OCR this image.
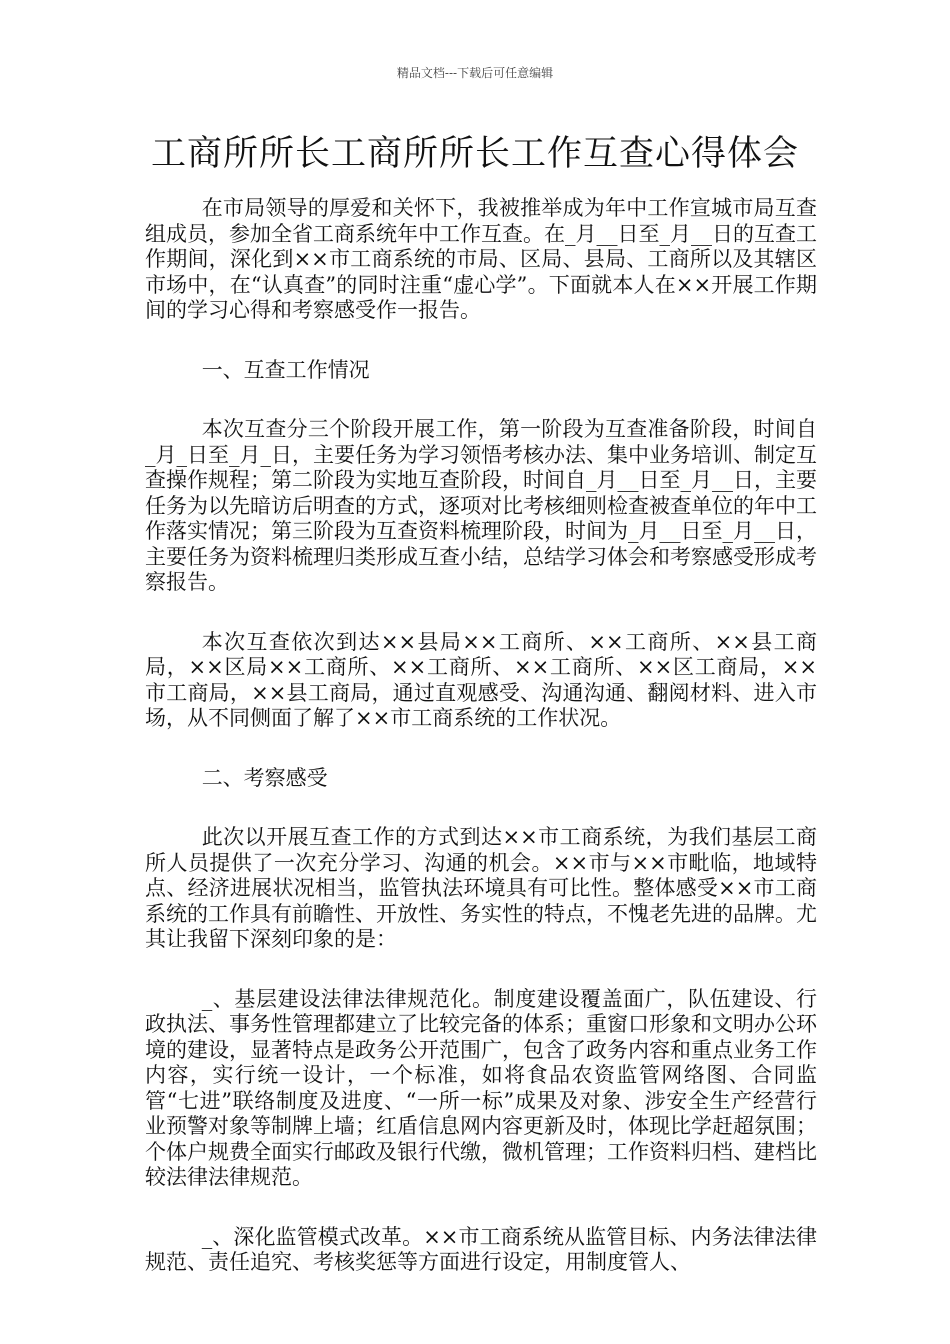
精品文档---下载后可任意编辑
工商所所长工商所所长工作互查心得体会

在市局领导的厚爱和关怀下，我被推举成为年中工作宣城市局互查组成员，参加全省工商系统年中工作互查。在_月__日至_月__日的互查工作期间，深化到××市工商系统的市局、区局、县局、工商所以及其辖区市场中，在“认真查”的同时注重“虚心学”。下面就本人在××开展工作期间的学习心得和考察感受作一报告。

一、互查工作情况

本次互查分三个阶段开展工作，第一阶段为互查准备阶段，时间自_月_日至_月_日，主要任务为学习领悟考核办法、集中业务培训、制定互查操作规程；第二阶段为实地互查阶段，时间自_月__日至_月__日，主要任务为以先暗访后明查的方式，逐项对比考核细则检查被查单位的年中工作落实情况；第三阶段为互查资料梳理阶段，时间为_月__日至_月__日，主要任务为资料梳理归类形成互查小结，总结学习体会和考察感受形成考察报告。

本次互查依次到达××县局××工商所、××工商所、××县工商局，××区局××工商所、××工商所、××工商所、××区工商局，××市工商局，××县工商局，通过直观感受、沟通沟通、翻阅材料、进入市场，从不同侧面了解了××市工商系统的工作状况。

二、考察感受

此次以开展互查工作的方式到达××市工商系统，为我们基层工商所人员提供了一次充分学习、沟通的机会。××市与××市毗临，地域特点、经济进展状况相当，监管执法环境具有可比性。整体感受××市工商系统的工作具有前瞻性、开放性、务实性的特点，不愧老先进的品牌。尤其让我留下深刻印象的是：

_、基层建设法律法律规范化。制度建设覆盖面广，队伍建设、行政执法、事务性管理都建立了比较完备的体系；重窗口形象和文明办公环境的建设，显著特点是政务公开范围广，包含了政务内容和重点业务工作内容，实行统一设计，一个标准，如将食品农资监管网络图、合同监管“七进”联络制度及进度、“一所一标”成果及对象、涉安全生产经营行业预警对象等制牌上墙；红盾信息网内容更新及时，体现比学赶超氛围；个体户规费全面实行邮政及银行代缴，微机管理；工作资料归档、建档比较法律法律规范。

_、深化监管模式改革。××市工商系统从监管目标、内务法律法律规范、责任追究、考核奖惩等方面进行设定，用制度管人、
